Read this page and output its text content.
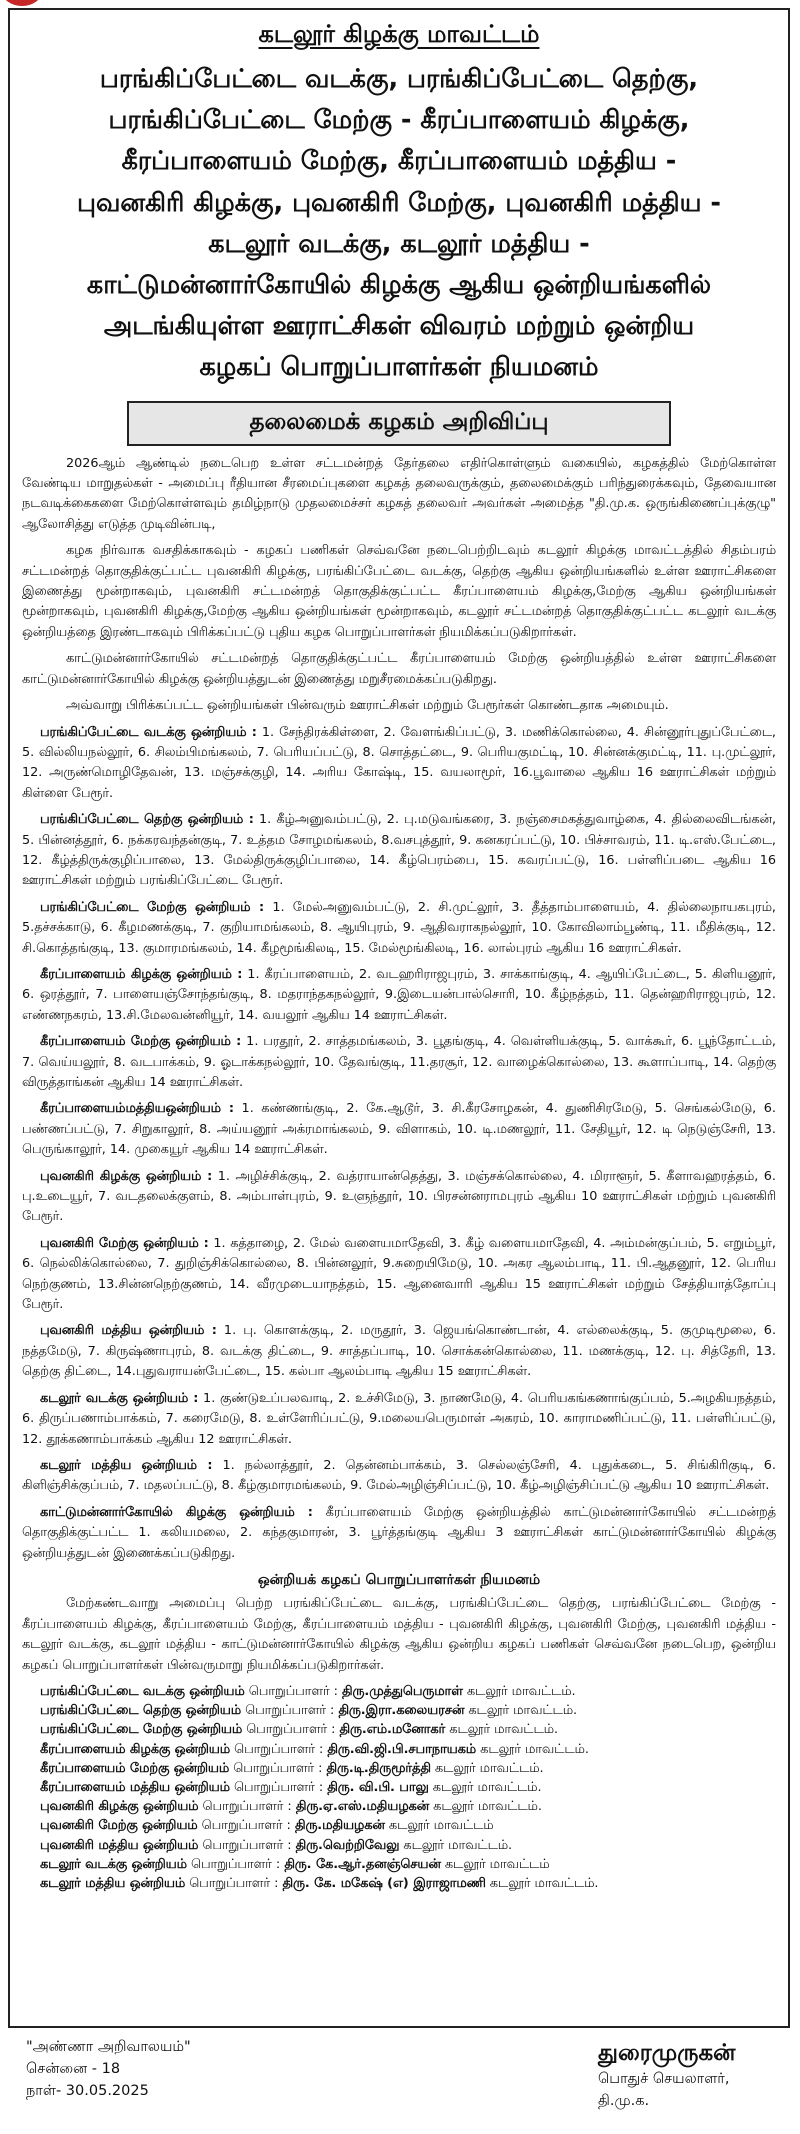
கடலூர் கிழக்கு மாவட்டம்
பரங்கிப்பேட்டை வடக்கு, பரங்கிப்பேட்டை தெற்கு,
பரங்கிப்பேட்டை மேற்கு - கீரப்பாளையம் கிழக்கு,
கீரப்பாளையம் மேற்கு, கீரப்பாளையம் மத்திய -
புவனகிரி கிழக்கு, புவனகிரி மேற்கு, புவனகிரி மத்திய -
கடலூர் வடக்கு, கடலூர் மத்திய -
காட்டுமன்னார்கோயில் கிழக்கு ஆகிய ஒன்றியங்களில்
அடங்கியுள்ள ஊராட்சிகள் விவரம் மற்றும் ஒன்றிய
கழகப் பொறுப்பாளர்கள் நியமனம்
தலைமைக் கழகம் அறிவிப்பு

2026ஆம் ஆண்டில் நடைபெற உள்ள சட்டமன்றத் தேர்தலை எதிர்கொள்ளும் வகையில், கழகத்தில் மேற்கொள்ள வேண்டிய மாறுதல்கள் - அமைப்பு ரீதியான சீரமைப்புகளை கழகத் தலைவருக்கும், தலைமைக்கும் பரிந்துரைக்கவும், தேவையான நடவடிக்கைகளை மேற்கொள்ளவும் தமிழ்நாடு முதலமைச்சர் கழகத் தலைவர் அவர்கள் அமைத்த "தி.மு.க. ஒருங்கிணைப்புக்குழு" ஆலோசித்து எடுத்த முடிவின்படி,

கழக நிர்வாக வசதிக்காகவும் - கழகப் பணிகள் செவ்வனே நடைபெற்றிடவும் கடலூர் கிழக்கு மாவட்டத்தில் சிதம்பரம் சட்டமன்றத் தொகுதிக்குட்பட்ட புவனகிரி கிழக்கு, பரங்கிப்பேட்டை வடக்கு, தெற்கு ஆகிய ஒன்றியங்களில் உள்ள ஊராட்சிகளை இணைத்து மூன்றாகவும், புவனகிரி சட்டமன்றத் தொகுதிக்குட்பட்ட கீரப்பாளையம் கிழக்கு,மேற்கு ஆகிய ஒன்றியங்கள் மூன்றாகவும், புவனகிரி கிழக்கு,மேற்கு ஆகிய ஒன்றியங்கள் மூன்றாகவும், கடலூர் சட்டமன்றத் தொகுதிக்குட்பட்ட கடலூர் வடக்கு ஒன்றியத்தை இரண்டாகவும் பிரிக்கப்பட்டு புதிய கழக பொறுப்பாளர்கள் நியமிக்கப்படுகிறார்கள்.

காட்டுமன்னார்கோயில் சட்டமன்றத் தொகுதிக்குட்பட்ட கீரப்பாளையம் மேற்கு ஒன்றியத்தில் உள்ள ஊராட்சிகளை காட்டுமன்னார்கோயில் கிழக்கு ஒன்றியத்துடன் இணைத்து மறுசீரமைக்கப்படுகிறது.

அவ்வாறு பிரிக்கப்பட்ட ஒன்றியங்கள் பின்வரும் ஊராட்சிகள் மற்றும் பேரூர்கள் கொண்டதாக அமையும்.

பரங்கிப்பேட்டை வடக்கு ஒன்றியம் : 1. சேந்திரக்கிள்ளை, 2. வேளங்கிப்பட்டு, 3. மணிக்கொல்லை, 4. சின்னூர்புதுப்பேட்டை, 5. வில்லியநல்லூர், 6. சிலம்பிமங்கலம், 7. பெரியப்பட்டு, 8. சொத்தட்டை, 9. பெரியகுமட்டி, 10. சின்னக்குமட்டி, 11. பு.முட்லூர், 12. அருண்மொழிதேவன், 13. மஞ்சக்குழி, 14. அரிய கோஷ்டி, 15. வயலாமூர், 16.பூவாலை ஆகிய 16 ஊராட்சிகள் மற்றும் கிள்ளை பேரூர்.
பரங்கிப்பேட்டை தெற்கு ஒன்றியம் : 1. கீழ்அனுவம்பட்டு, 2. பு.மடுவங்கரை, 3. நஞ்சைமகத்துவாழ்கை, 4. தில்லைவிடங்கன், 5. பின்னத்தூர், 6. நக்கரவந்தன்குடி, 7. உத்தம சோழமங்கலம், 8.வசபுத்தூர், 9. கனகரப்பட்டு, 10. பிச்சாவரம், 11. டி.எஸ்.பேட்டை, 12. கீழ்த்திருக்குழிப்பாலை, 13. மேல்திருக்குழிப்பாலை, 14. கீழ்பெரம்பை, 15. கவரப்பட்டு, 16. பள்ளிப்படை ஆகிய 16 ஊராட்சிகள் மற்றும் பரங்கிப்பேட்டை பேரூர்.
பரங்கிப்பேட்டை மேற்கு ஒன்றியம் : 1. மேல்அனுவம்பட்டு, 2. சி.முட்லூர், 3. தீத்தாம்பாளையம், 4. தில்லைநாயகபுரம், 5.தச்சக்காடு, 6. கீழமணக்குடி, 7. குறியாமங்கலம், 8. ஆயிபுரம், 9. ஆதிவராகநல்லூர், 10. கோவிலாம்பூண்டி, 11. மீதிக்குடி, 12. சி.கொத்தங்குடி, 13. குமாரமங்கலம், 14. கீழமூங்கிலடி, 15. மேல்மூங்கிலடி, 16. லால்புரம் ஆகிய 16 ஊராட்சிகள்.
கீரப்பாளையம் கிழக்கு ஒன்றியம் : 1. கீரப்பாளையம், 2. வடஹரிராஜபுரம், 3. சாக்காங்குடி, 4. ஆயிப்பேட்டை, 5. கிளியனூர், 6. ஒரத்தூர், 7. பாளையஞ்சோந்தங்குடி, 8. மதராந்தகநல்லூர், 9.இடையன்பால்சொரி, 10. கீழ்நத்தம், 11. தென்ஹரிராஜபுரம், 12. எண்ணநகரம், 13.சி.மேலவன்னியூர், 14. வயலூர் ஆகிய 14 ஊராட்சிகள்.
கீரப்பாளையம் மேற்கு ஒன்றியம் : 1. பரதூர், 2. சாத்தமங்கலம், 3. பூதங்குடி, 4. வெள்ளியக்குடி, 5. வாக்கூர், 6. பூந்தோட்டம், 7. வெய்யலூர், 8. வடபாக்கம், 9. ஓடாக்கநல்லூர், 10. தேவங்குடி, 11.தரசூர், 12. வாழைக்கொல்லை, 13. கூளாப்பாடி, 14. தெற்கு விருத்தாங்கன் ஆகிய 14 ஊராட்சிகள்.
கீரப்பாளையம்மத்தியஒன்றியம் : 1. கண்ணங்குடி, 2. கே.ஆடூர், 3. சி.கீரசோழகன், 4. துணிசிரமேடு, 5. செங்கல்மேடு, 6. பண்ணப்பட்டு, 7. சிறுகாலூர், 8. அய்யனூர் அக்ரமாங்கலம், 9. விளாகம், 10. டி.மணலூர், 11. சேதியூர், 12. டி நெடுஞ்சேரி, 13. பெருங்காலூர், 14. முகையூர் ஆகிய 14 ஊராட்சிகள்.
புவனகிரி கிழக்கு ஒன்றியம் : 1. அழிச்சிக்குடி, 2. வத்ராயான்தெத்து, 3. மஞ்சக்கொல்லை, 4. மிராளூர், 5. கீளாவஹரத்தம், 6. பு.உடையூர், 7. வடதலைக்குளம், 8. அம்பாள்புரம், 9. உளுந்தூர், 10. பிரசன்னராமபுரம் ஆகிய 10 ஊராட்சிகள் மற்றும் புவனகிரி பேரூர்.
புவனகிரி மேற்கு ஒன்றியம் : 1. கத்தாழை, 2. மேல் வளையமாதேவி, 3. கீழ் வளையமாதேவி, 4. அம்மன்குப்பம், 5. எறும்பூர், 6. நெல்லிக்கொல்லை, 7. துறிஞ்சிக்கொல்லை, 8. பின்னலூர், 9.சுறையிமேடு, 10. அகர ஆலம்பாடி, 11. பி.ஆதனூர், 12. பெரிய நெற்குணம், 13.சின்னநெற்குணம், 14. வீரமுடையாநத்தம், 15. ஆனைவாரி ஆகிய 15 ஊராட்சிகள் மற்றும் சேத்தியாத்தோப்பு பேரூர்.
புவனகிரி மத்திய ஒன்றியம் : 1. பு. கொளக்குடி, 2. மருதூர், 3. ஜெயங்கொண்டான், 4. எல்லைக்குடி, 5. குமுடிமூலை, 6. நத்தமேடு, 7. கிருஷ்ணாபுரம், 8. வடக்கு திட்டை, 9. சாத்தப்பாடி, 10. சொக்கன்கொல்லை, 11. மணக்குடி, 12. பு. சித்தேரி, 13. தெற்கு திட்டை, 14.புதுவராயன்பேட்டை, 15. கல்பா ஆலம்பாடி ஆகிய 15 ஊராட்சிகள்.
கடலூர் வடக்கு ஒன்றியம் : 1. குண்டுஉப்பலவாடி, 2. உச்சிமேடு, 3. நாணமேடு, 4. பெரியகங்கணாங்குப்பம், 5.அழகியநத்தம், 6. திருப்பணாம்பாக்கம், 7. கரைமேடு, 8. உள்ளேரிப்பட்டு, 9.மலையபெருமாள் அகரம், 10. காராமணிப்பட்டு, 11. பள்ளிப்பட்டு, 12. தூக்கணாம்பாக்கம் ஆகிய 12 ஊராட்சிகள்.
கடலூர் மத்திய ஒன்றியம் : 1. நல்லாத்தூர், 2. தென்னம்பாக்கம், 3. செல்லஞ்சேரி, 4. புதுக்கடை, 5. சிங்கிரிகுடி, 6. கிளிஞ்சிக்குப்பம், 7. மதலப்பட்டு, 8. கீழ்குமாரமங்கலம், 9. மேல்அழிஞ்சிப்பட்டு, 10. கீழ்அழிஞ்சிப்பட்டு ஆகிய 10 ஊராட்சிகள்.
காட்டுமன்னார்கோயில் கிழக்கு ஒன்றியம் : கீரப்பாளையம் மேற்கு ஒன்றியத்தில் காட்டுமன்னார்கோயில் சட்டமன்றத் தொகுதிக்குட்பட்ட 1. கலியமலை, 2. கந்தகுமாரன், 3. பூர்த்தங்குடி ஆகிய 3 ஊராட்சிகள் காட்டுமன்னார்கோயில் கிழக்கு ஒன்றியத்துடன் இணைக்கப்படுகிறது.
ஒன்றியக் கழகப் பொறுப்பாளர்கள் நியமனம்

மேற்கண்டவாறு அமைப்பு பெற்ற பரங்கிப்பேட்டை வடக்கு, பரங்கிப்பேட்டை தெற்கு, பரங்கிப்பேட்டை மேற்கு - கீரப்பாளையம் கிழக்கு, கீரப்பாளையம் மேற்கு, கீரப்பாளையம் மத்திய - புவனகிரி கிழக்கு, புவனகிரி மேற்கு, புவனகிரி மத்திய - கடலூர் வடக்கு, கடலூர் மத்திய - காட்டுமன்னார்கோயில் கிழக்கு ஆகிய ஒன்றிய கழகப் பணிகள் செவ்வனே நடைபெற, ஒன்றிய கழகப் பொறுப்பாளர்கள் பின்வருமாறு நியமிக்கப்படுகிறார்கள்.

பரங்கிப்பேட்டை வடக்கு ஒன்றியம் பொறுப்பாளர் : திரு.முத்துபெருமாள் கடலூர் மாவட்டம்.
பரங்கிப்பேட்டை தெற்கு ஒன்றியம் பொறுப்பாளர் : திரு.இரா.கலையரசன் கடலூர் மாவட்டம்.
பரங்கிப்பேட்டை மேற்கு ஒன்றியம் பொறுப்பாளர் : திரு.எம்.மனோகர் கடலூர் மாவட்டம்.
கீரப்பாளையம் கிழக்கு ஒன்றியம் பொறுப்பாளர் : திரு.வி.ஜி.பி.சபாநாயகம் கடலூர் மாவட்டம்.
கீரப்பாளையம் மேற்கு ஒன்றியம் பொறுப்பாளர் : திரு.டி.திருமூர்த்தி கடலூர் மாவட்டம்.
கீரப்பாளையம் மத்திய ஒன்றியம் பொறுப்பாளர் : திரு. வி.பி. பாலு கடலூர் மாவட்டம்.
புவனகிரி கிழக்கு ஒன்றியம் பொறுப்பாளர் : திரு.ஏ.எஸ்.மதியழகன் கடலூர் மாவட்டம்.
புவனகிரி மேற்கு ஒன்றியம் பொறுப்பாளர் : திரு.மதியழகன் கடலூர் மாவட்டம்
புவனகிரி மத்திய ஒன்றியம் பொறுப்பாளர் : திரு.வெற்றிவேலு கடலூர் மாவட்டம்.
கடலூர் வடக்கு ஒன்றியம் பொறுப்பாளர் : திரு. கே.ஆர்.தனஞ்செயன் கடலூர் மாவட்டம்
கடலூர் மத்திய ஒன்றியம் பொறுப்பாளர் : திரு. கே. மகேஷ் (எ) இராஜாமணி கடலூர் மாவட்டம்.
"அண்ணா அறிவாலயம்"
சென்னை - 18
நாள்- 30.05.2025
துரைமுருகன்
பொதுச் செயலாளர்,
தி.மு.க.
